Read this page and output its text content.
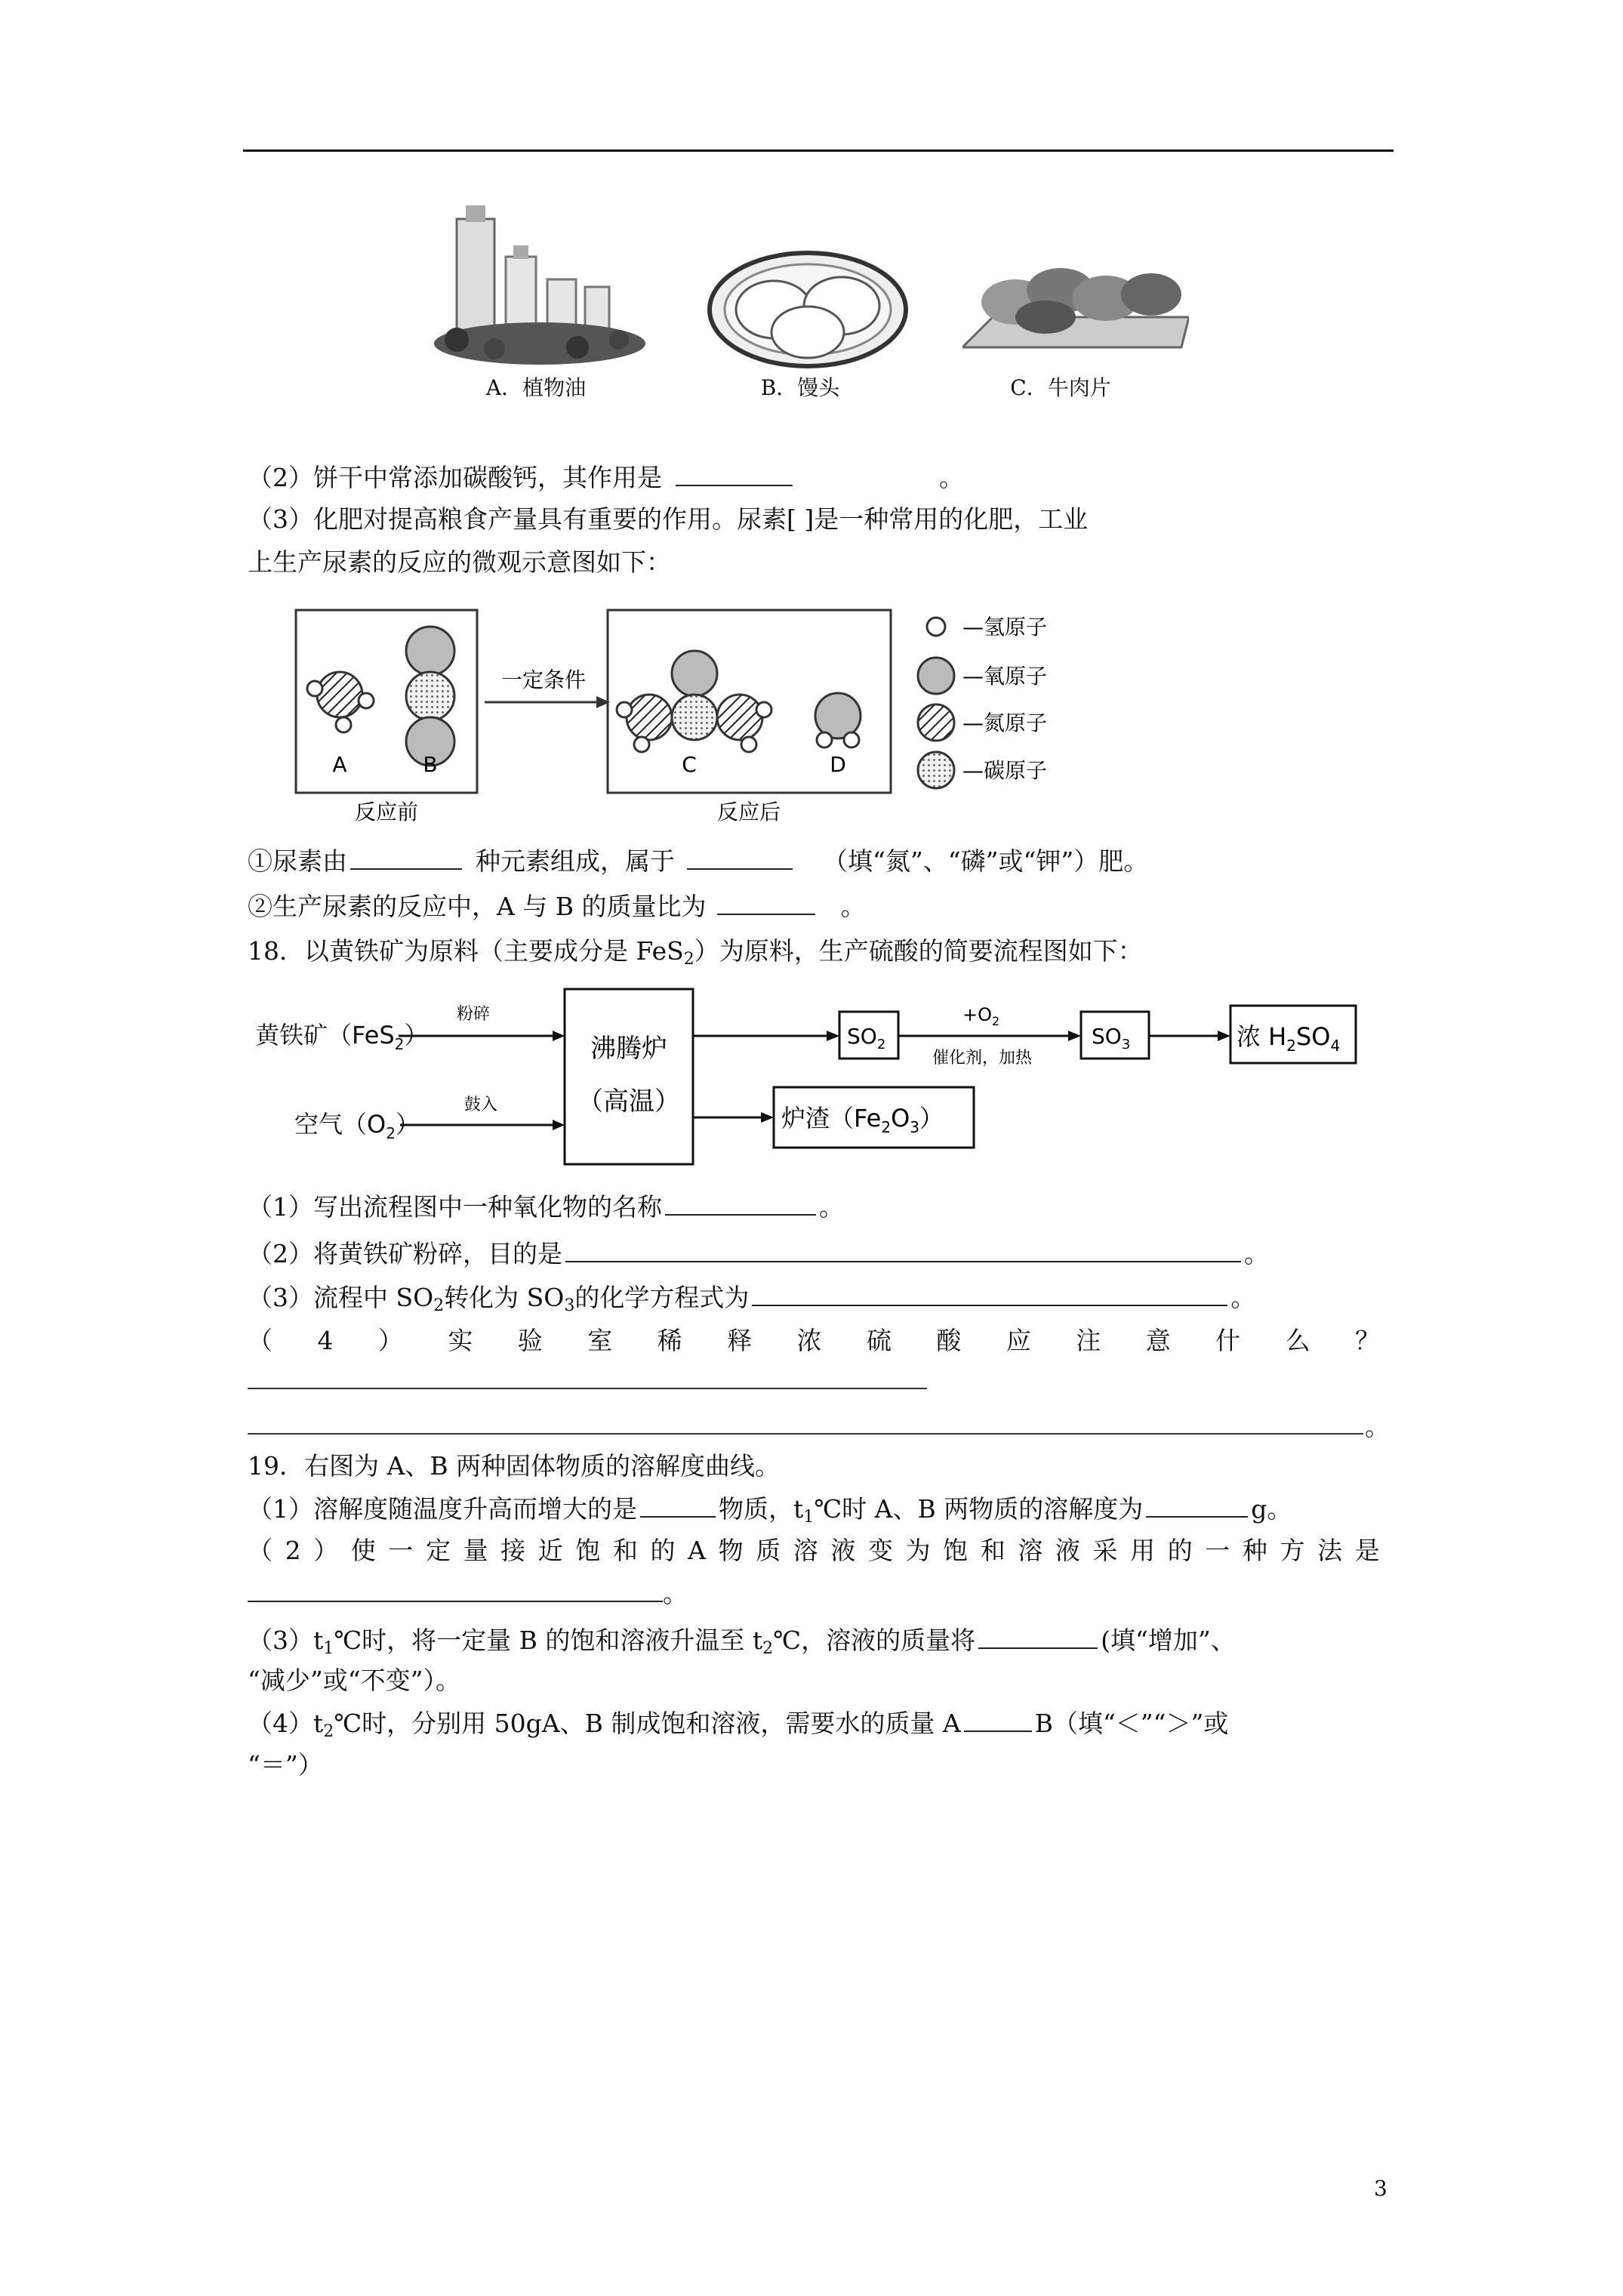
A．植物油	B．馒头	C．牛肉片
（2）饼干中常添加碳酸钙，其作用是	。
（3）化肥对提高粮食产量具有重要的作用。尿素[ ]是一种常用的化肥，工业
上生产尿素的反应的微观示意图如下：
A	B
反应前
一定条件
C	D
反应后
—氢原子
—氧原子
—氮原子
—碳原子
①尿素由	种元素组成，属于	（填“氮”、“磷”或“钾”）肥。
②生产尿素的反应中，A 与 B 的质量比为	。
18．以黄铁矿为原料（主要成分是 FeS$_2$）为原料，生产硫酸的简要流程图如下：
黄铁矿（FeS$_2$）
空气$(O_2)$
粉碎
鼓入
沸腾炉
（高温）
$SO_2$
$+O_2$
催化剂，加热
$SO_3$	浓 $H_2SO_4$
炉渣$(Fe_2O_3)$
（1）写出流程图中一种氧化物的名称	。
（2）将黄铁矿粉碎，目的是	。
（3）流程中 $SO_2$转化为 $SO_3$的化学方程式为	。
（ 4 ） 实 验 室 稀 释 浓 硫 酸 应 注 意 什 么 ？
。
19．右图为 A、B 两种固体物质的溶解度曲线。
（1）溶解度随温度升高而增大的是	物质，$t_1℃$时 A、B 两物质的溶解度为	g。
（ 2 ） 使 一 定 量 接 近 饱 和 的 A 物 质 溶 液 变 为 饱 和 溶 液 采 用 的 一 种 方 法 是
。
$(3)t_1℃$时，将一定量 B 的饱和溶液升温至 $t_2℃$，溶液的质量将	(填“增加”、
“减少”或“不变”）。
$(4)t_2℃$时，分别用 50gA、B 制成饱和溶液，需要水的质量 A	B（填“＜”“＞”或
“＝”）
3
